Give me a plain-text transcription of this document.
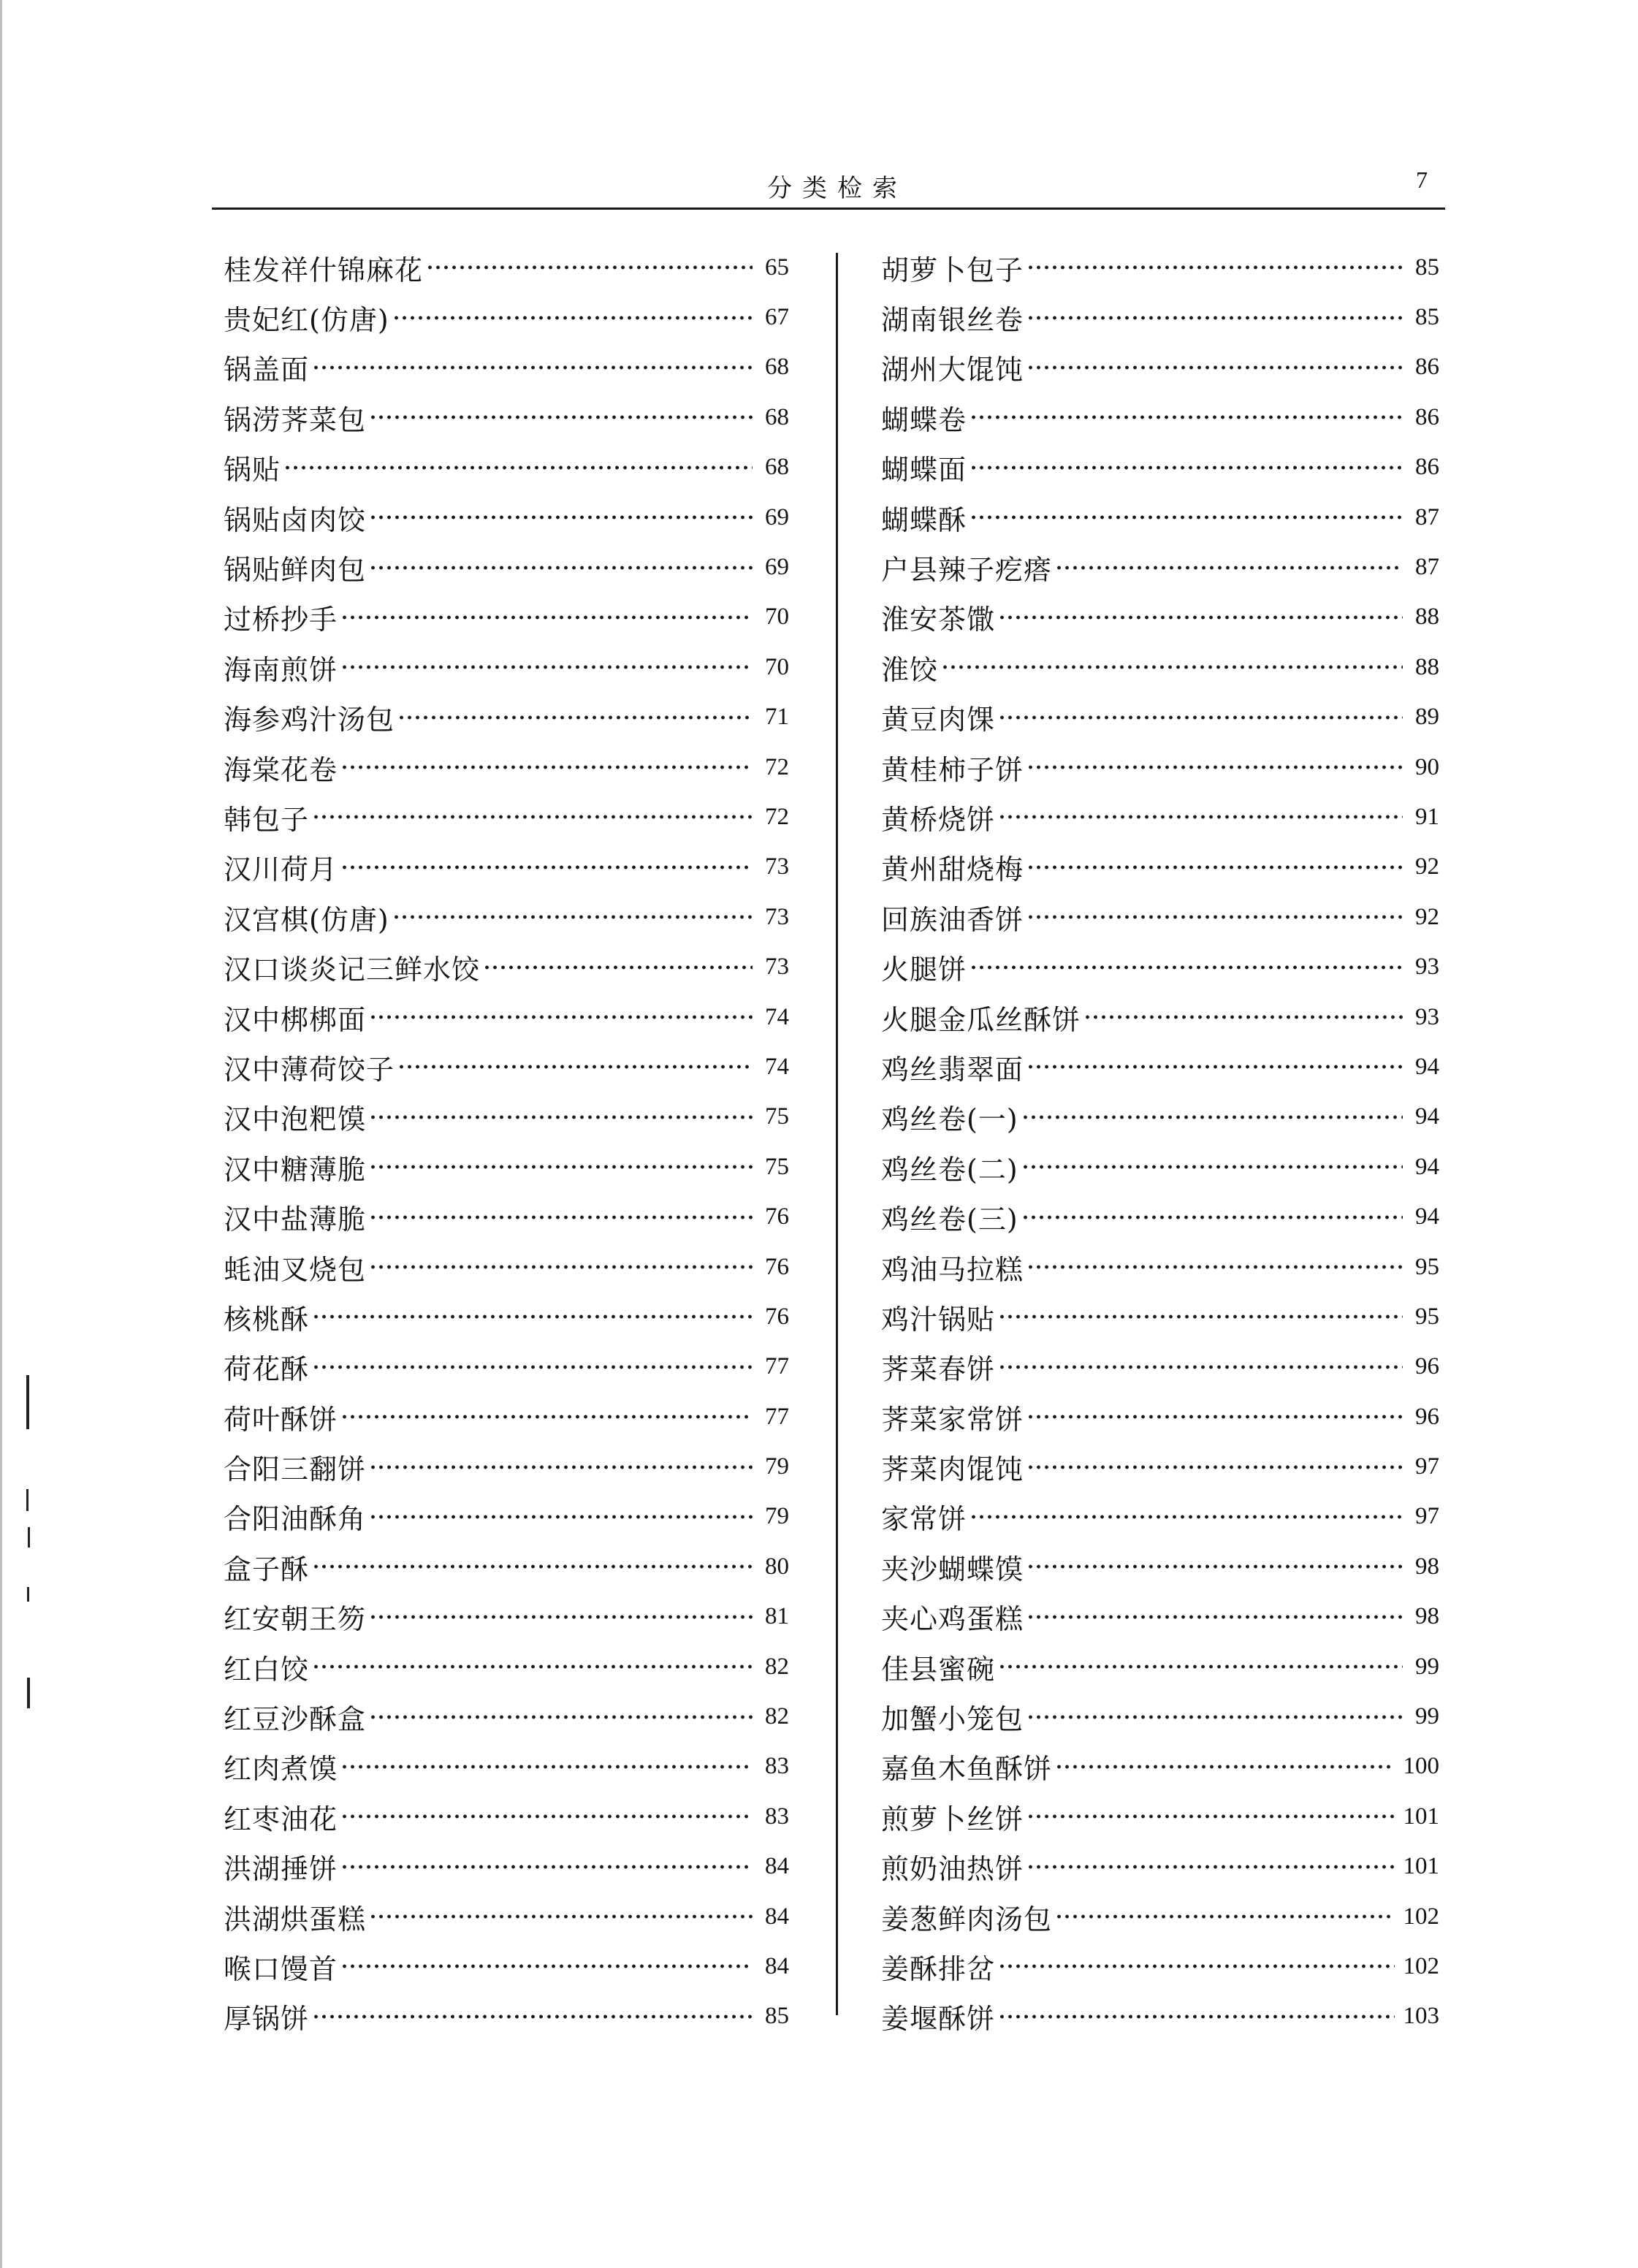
分类检索	7
桂发祥什锦麻花	65
贵妃红(仿唐)	67
锅盖面	68
锅涝荠菜包	68
锅贴	68
锅贴卤肉饺	69
锅贴鲜肉包	69
过桥抄手	70
海南煎饼	70
海参鸡汁汤包	71
海棠花卷	72
韩包子	72
汉川荷月	73
汉宫棋(仿唐)	73
汉口谈炎记三鲜水饺	73
汉中梆梆面	74
汉中薄荷饺子	74
汉中泡粑馍	75
汉中糖薄脆	75
汉中盐薄脆	76
蚝油叉烧包	76
核桃酥	76
荷花酥	77
荷叶酥饼	77
合阳三翻饼	79
合阳油酥角	79
盒子酥	80
红安朝王笏	81
红白饺	82
红豆沙酥盒	82
红肉煮馍	83
红枣油花	83
洪湖捶饼	84
洪湖烘蛋糕	84
喉口馒首	84
厚锅饼	85
胡萝卜包子	85
湖南银丝卷	85
湖州大馄饨	86
蝴蝶卷	86
蝴蝶面	86
蝴蝶酥	87
户县辣子疙瘩	87
淮安茶馓	88
淮饺	88
黄豆肉馃	89
黄桂柿子饼	90
黄桥烧饼	91
黄州甜烧梅	92
回族油香饼	92
火腿饼	93
火腿金瓜丝酥饼	93
鸡丝翡翠面	94
鸡丝卷(一)	94
鸡丝卷(二)	94
鸡丝卷(三)	94
鸡油马拉糕	95
鸡汁锅贴	95
荠菜春饼	96
荠菜家常饼	96
荠菜肉馄饨	97
家常饼	97
夹沙蝴蝶馍	98
夹心鸡蛋糕	98
佳县蜜碗	99
加蟹小笼包	99
嘉鱼木鱼酥饼	100
煎萝卜丝饼	101
煎奶油热饼	101
姜葱鲜肉汤包	102
姜酥排岔	102
姜堰酥饼	103
